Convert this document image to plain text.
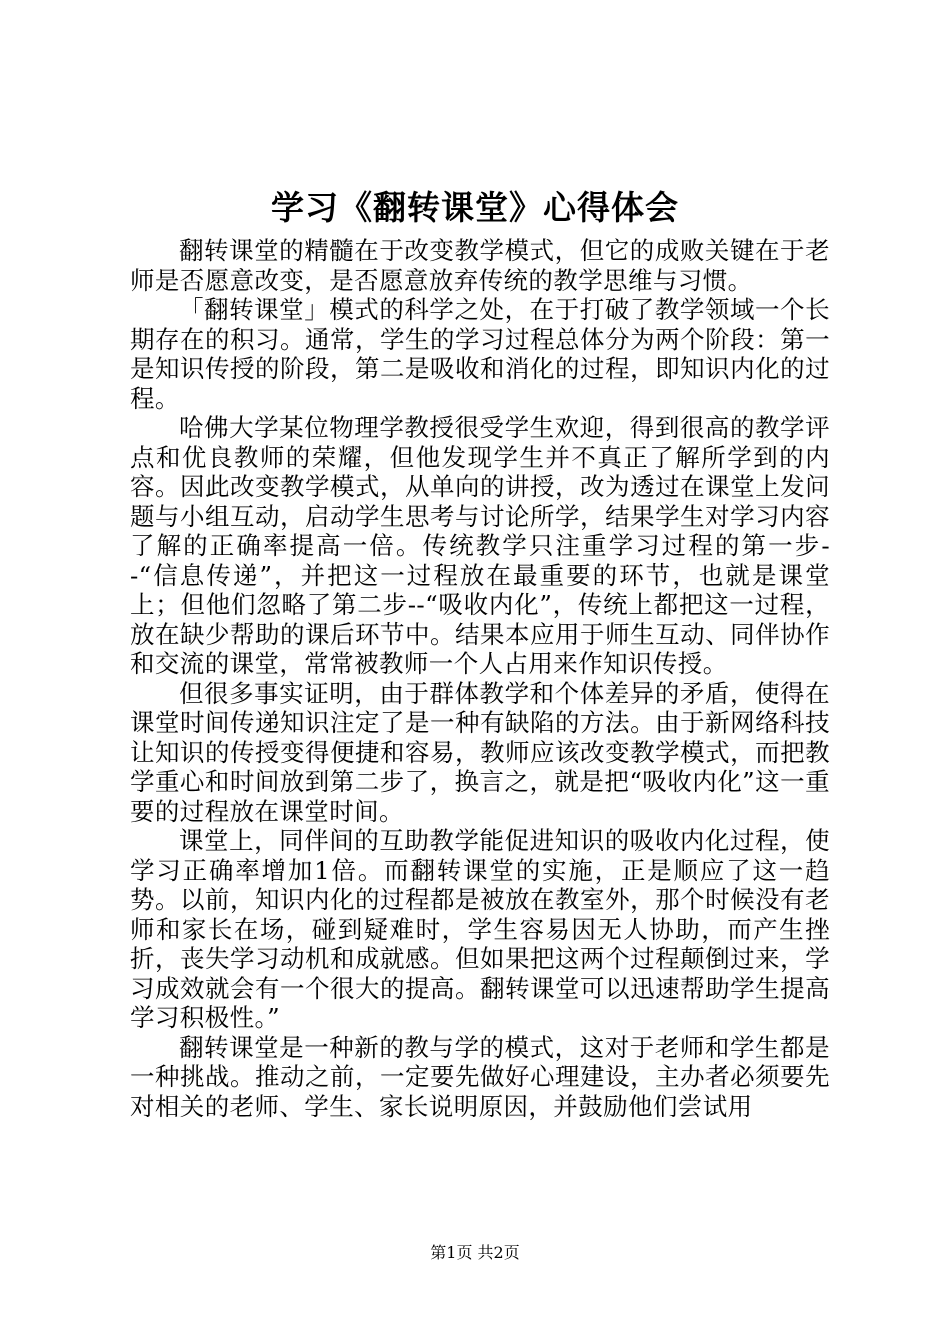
学习《翻转课堂》心得体会

翻转课堂的精髓在于改变教学模式，但它的成败关键在于老师是否愿意改变，是否愿意放弃传统的教学思维与习惯。

「翻转课堂」模式的科学之处，在于打破了教学领域一个长期存在的积习。通常，学生的学习过程总体分为两个阶段：第一是知识传授的阶段，第二是吸收和消化的过程，即知识内化的过程。

哈佛大学某位物理学教授很受学生欢迎，得到很高的教学评点和优良教师的荣耀，但他发现学生并不真正了解所学到的内容。因此改变教学模式，从单向的讲授，改为透过在课堂上发问题与小组互动，启动学生思考与讨论所学，结果学生对学习内容了解的正确率提高一倍。传统教学只注重学习过程的第一步--“信息传递”，并把这一过程放在最重要的环节，也就是课堂上；但他们忽略了第二步--“吸收内化”，传统上都把这一过程，放在缺少帮助的课后环节中。结果本应用于师生互动、同伴协作和交流的课堂，常常被教师一个人占用来作知识传授。

但很多事实证明，由于群体教学和个体差异的矛盾，使得在课堂时间传递知识注定了是一种有缺陷的方法。由于新网络科技让知识的传授变得便捷和容易，教师应该改变教学模式，而把教学重心和时间放到第二步了，换言之，就是把“吸收内化”这一重要的过程放在课堂时间。

课堂上，同伴间的互助教学能促进知识的吸收内化过程，使学习正确率增加1倍。而翻转课堂的实施，正是顺应了这一趋势。以前，知识内化的过程都是被放在教室外，那个时候没有老师和家长在场，碰到疑难时，学生容易因无人协助，而产生挫折，丧失学习动机和成就感。但如果把这两个过程颠倒过来，学习成效就会有一个很大的提高。翻转课堂可以迅速帮助学生提高学习积极性。”

翻转课堂是一种新的教与学的模式，这对于老师和学生都是一种挑战。推动之前，一定要先做好心理建设，主办者必须要先对相关的老师、学生、家长说明原因，并鼓励他们尝试用

第1页 共2页
